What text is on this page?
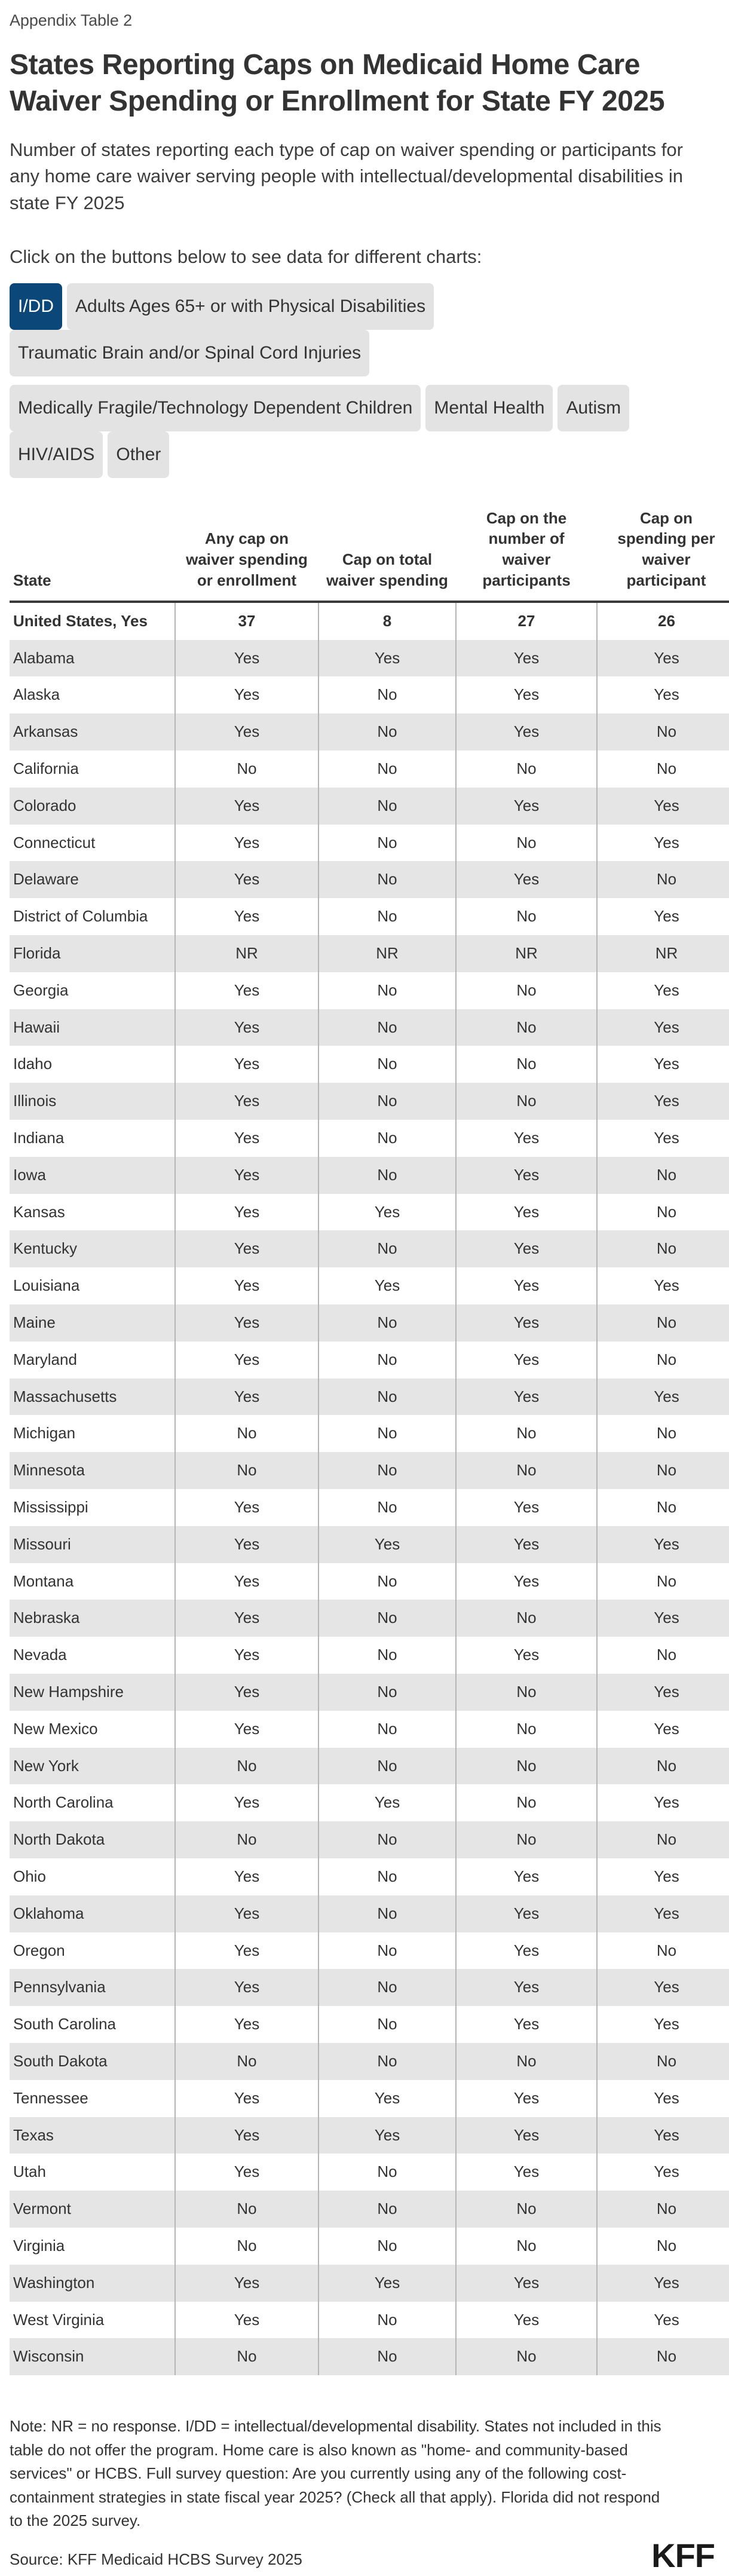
Appendix Table 2
States Reporting Caps on Medicaid Home Care Waiver Spending or Enrollment for State FY 2025

Number of states reporting each type of cap on waiver spending or participants for any home care waiver serving people with intellectual/developmental disabilities in state FY 2025

Click on the buttons below to see data for different charts:

I/DD Adults Ages 65+ or with Physical DisabilitiesTraumatic Brain and/or Spinal Cord Injuries
Medically Fragile/Technology Dependent Children Mental Health AutismHIV/AIDS Other
State	Any cap on waiver spending or enrollment	Cap on total waiver spending	Cap on the number of waiver participants	Cap on spending per waiver participant
United States, Yes	37	8	27	26
Alabama	Yes	Yes	Yes	Yes
Alaska	Yes	No	Yes	Yes
Arkansas	Yes	No	Yes	No
California	No	No	No	No
Colorado	Yes	No	Yes	Yes
Connecticut	Yes	No	No	Yes
Delaware	Yes	No	Yes	No
District of Columbia	Yes	No	No	Yes
Florida	NR	NR	NR	NR
Georgia	Yes	No	No	Yes
Hawaii	Yes	No	No	Yes
Idaho	Yes	No	No	Yes
Illinois	Yes	No	No	Yes
Indiana	Yes	No	Yes	Yes
Iowa	Yes	No	Yes	No
Kansas	Yes	Yes	Yes	No
Kentucky	Yes	No	Yes	No
Louisiana	Yes	Yes	Yes	Yes
Maine	Yes	No	Yes	No
Maryland	Yes	No	Yes	No
Massachusetts	Yes	No	Yes	Yes
Michigan	No	No	No	No
Minnesota	No	No	No	No
Mississippi	Yes	No	Yes	No
Missouri	Yes	Yes	Yes	Yes
Montana	Yes	No	Yes	No
Nebraska	Yes	No	No	Yes
Nevada	Yes	No	Yes	No
New Hampshire	Yes	No	No	Yes
New Mexico	Yes	No	No	Yes
New York	No	No	No	No
North Carolina	Yes	Yes	No	Yes
North Dakota	No	No	No	No
Ohio	Yes	No	Yes	Yes
Oklahoma	Yes	No	Yes	Yes
Oregon	Yes	No	Yes	No
Pennsylvania	Yes	No	Yes	Yes
South Carolina	Yes	No	Yes	Yes
South Dakota	No	No	No	No
Tennessee	Yes	Yes	Yes	Yes
Texas	Yes	Yes	Yes	Yes
Utah	Yes	No	Yes	Yes
Vermont	No	No	No	No
Virginia	No	No	No	No
Washington	Yes	Yes	Yes	Yes
West Virginia	Yes	No	Yes	Yes
Wisconsin	No	No	No	No

Note: NR = no response. I/DD = intellectual/developmental disability. States not included in this table do not offer the program. Home care is also known as "home- and community-based services" or HCBS. Full survey question: Are you currently using any of the following cost-containment strategies in state fiscal year 2025? (Check all that apply). Florida did not respond to the 2025 survey.

Source: KFF Medicaid HCBS Survey 2025	KFF
